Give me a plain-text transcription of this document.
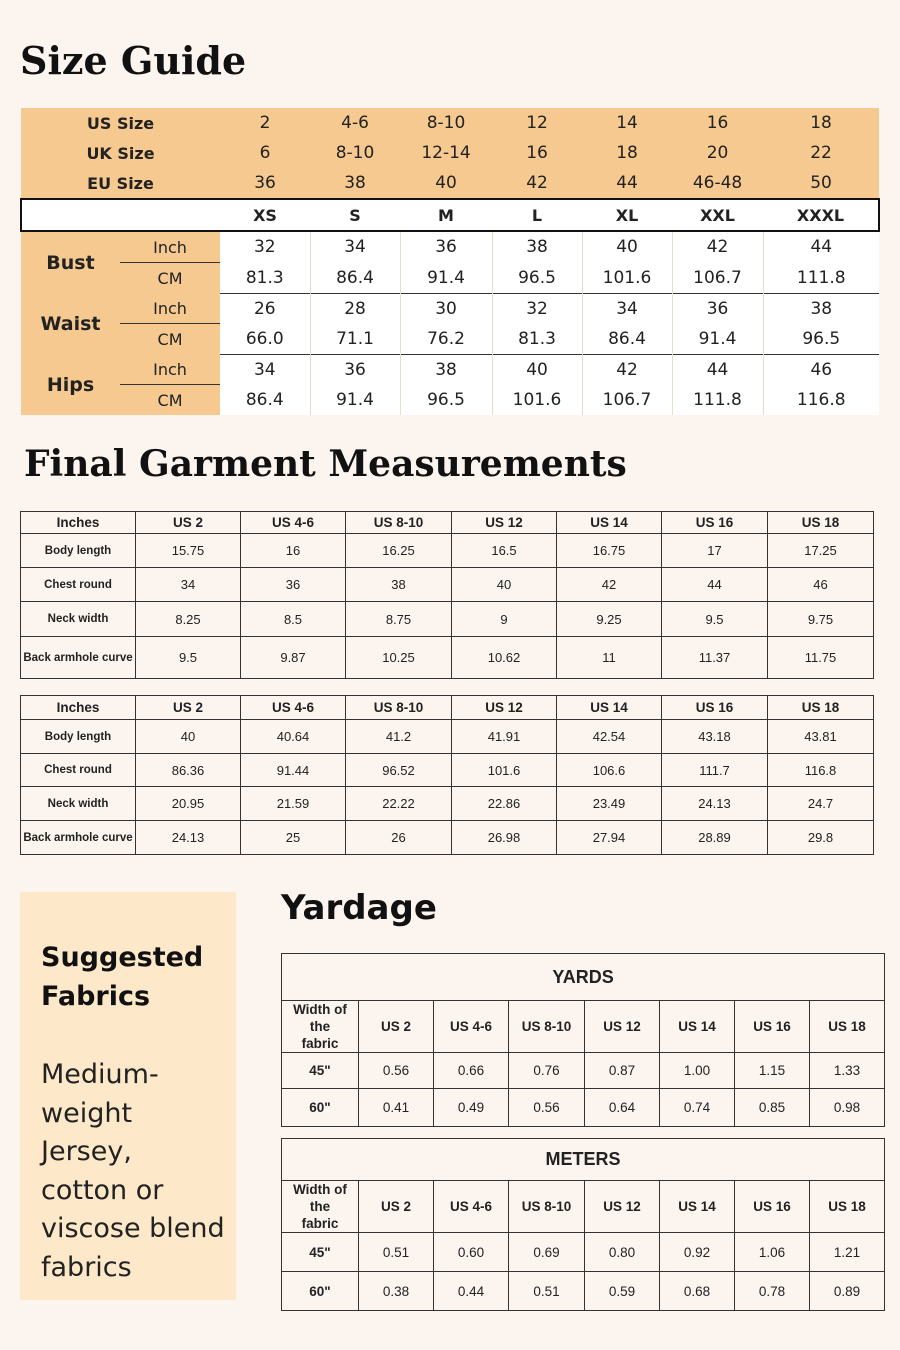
Size Guide
US Size		2	4-6	8-10	12	14	16	18
UK Size		6	8-10	12-14	16	18	20	22
EU Size		36	38	40	42	44	46-48	50
		XS	S	M	L	XL	XXL	XXXL
Bust	Inch	32	34	36	38	40	42	44
	CM	81.3	86.4	91.4	96.5	101.6	106.7	111.8
Waist	Inch	26	28	30	32	34	36	38
	CM	66.0	71.1	76.2	81.3	86.4	91.4	96.5
Hips	Inch	34	36	38	40	42	44	46
	CM	86.4	91.4	96.5	101.6	106.7	111.8	116.8
Final Garment Measurements
Inches	US 2	US 4-6	US 8-10	US 12	US 14	US 16	US 18
Body length	15.75	16	16.25	16.5	16.75	17	17.25
Chest round	34	36	38	40	42	44	46
Neck width	8.25	8.5	8.75	9	9.25	9.5	9.75
Back armhole curve	9.5	9.87	10.25	10.62	11	11.37	11.75
Inches	US 2	US 4-6	US 8-10	US 12	US 14	US 16	US 18
Body length	40	40.64	41.2	41.91	42.54	43.18	43.81
Chest round	86.36	91.44	96.52	101.6	106.6	111.7	116.8
Neck width	20.95	21.59	22.22	22.86	23.49	24.13	24.7
Back armhole curve	24.13	25	26	26.98	27.94	28.89	29.8
Suggested
Fabrics
Medium-
weight Jersey,
cotton or
viscose blend
fabrics
Yardage
YARDS							
Width of the
fabric	US 2	US 4-6	US 8-10	US 12	US 14	US 16	US 18
45"	0.56	0.66	0.76	0.87	1.00	1.15	1.33
60"	0.41	0.49	0.56	0.64	0.74	0.85	0.98
METERS							
Width of the
fabric	US 2	US 4-6	US 8-10	US 12	US 14	US 16	US 18
45"	0.51	0.60	0.69	0.80	0.92	1.06	1.21
60"	0.38	0.44	0.51	0.59	0.68	0.78	0.89
